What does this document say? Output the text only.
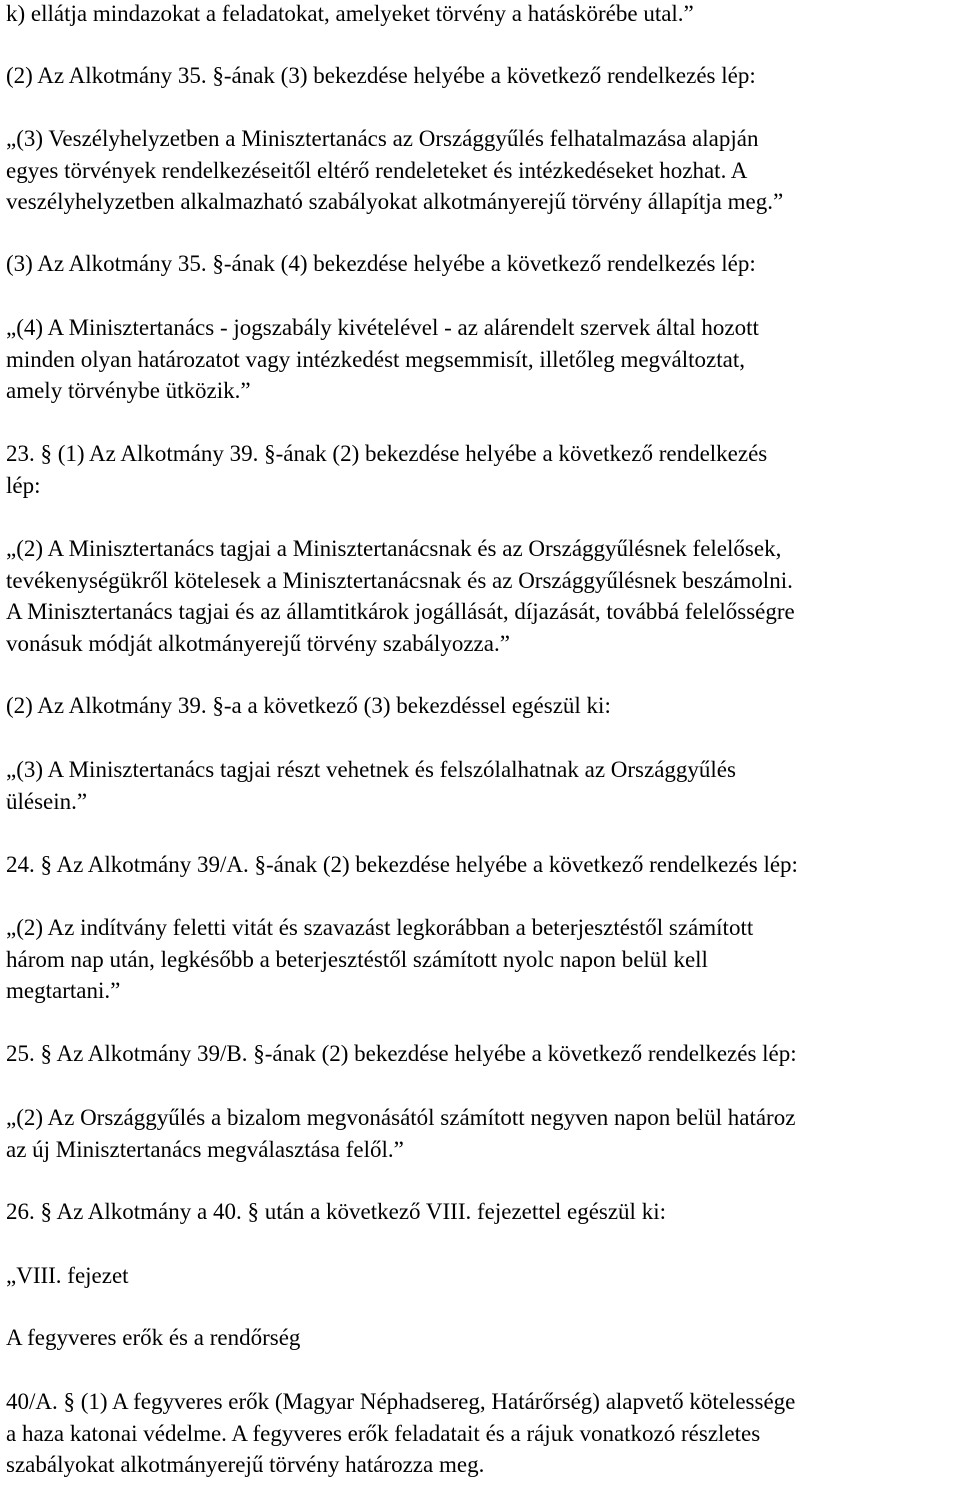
k) ellátja mindazokat a feladatokat, amelyeket törvény a hatáskörébe utal.”

(2) Az Alkotmány 35. §-ának (3) bekezdése helyébe a következő rendelkezés lép:

„(3) Veszélyhelyzetben a Minisztertanács az Országgyűlés felhatalmazása alapján
egyes törvények rendelkezéseitől eltérő rendeleteket és intézkedéseket hozhat. A
veszélyhelyzetben alkalmazható szabályokat alkotmányerejű törvény állapítja meg.”

(3) Az Alkotmány 35. §-ának (4) bekezdése helyébe a következő rendelkezés lép:

„(4) A Minisztertanács - jogszabály kivételével - az alárendelt szervek által hozott
minden olyan határozatot vagy intézkedést megsemmisít, illetőleg megváltoztat,
amely törvénybe ütközik.”

23. § (1) Az Alkotmány 39. §-ának (2) bekezdése helyébe a következő rendelkezés
lép:

„(2) A Minisztertanács tagjai a Minisztertanácsnak és az Országgyűlésnek felelősek,
tevékenységükről kötelesek a Minisztertanácsnak és az Országgyűlésnek beszámolni.
A Minisztertanács tagjai és az államtitkárok jogállását, díjazását, továbbá felelősségre
vonásuk módját alkotmányerejű törvény szabályozza.”

(2) Az Alkotmány 39. §-a a következő (3) bekezdéssel egészül ki:

„(3) A Minisztertanács tagjai részt vehetnek és felszólalhatnak az Országgyűlés
ülésein.”

24. § Az Alkotmány 39/A. §-ának (2) bekezdése helyébe a következő rendelkezés lép:

„(2) Az indítvány feletti vitát és szavazást legkorábban a beterjesztéstől számított
három nap után, legkésőbb a beterjesztéstől számított nyolc napon belül kell
megtartani.”

25. § Az Alkotmány 39/B. §-ának (2) bekezdése helyébe a következő rendelkezés lép:

„(2) Az Országgyűlés a bizalom megvonásától számított negyven napon belül határoz
az új Minisztertanács megválasztása felől.”

26. § Az Alkotmány a 40. § után a következő VIII. fejezettel egészül ki:

„VIII. fejezet

A fegyveres erők és a rendőrség

40/A. § (1) A fegyveres erők (Magyar Néphadsereg, Határőrség) alapvető kötelessége
a haza katonai védelme. A fegyveres erők feladatait és a rájuk vonatkozó részletes
szabályokat alkotmányerejű törvény határozza meg.
